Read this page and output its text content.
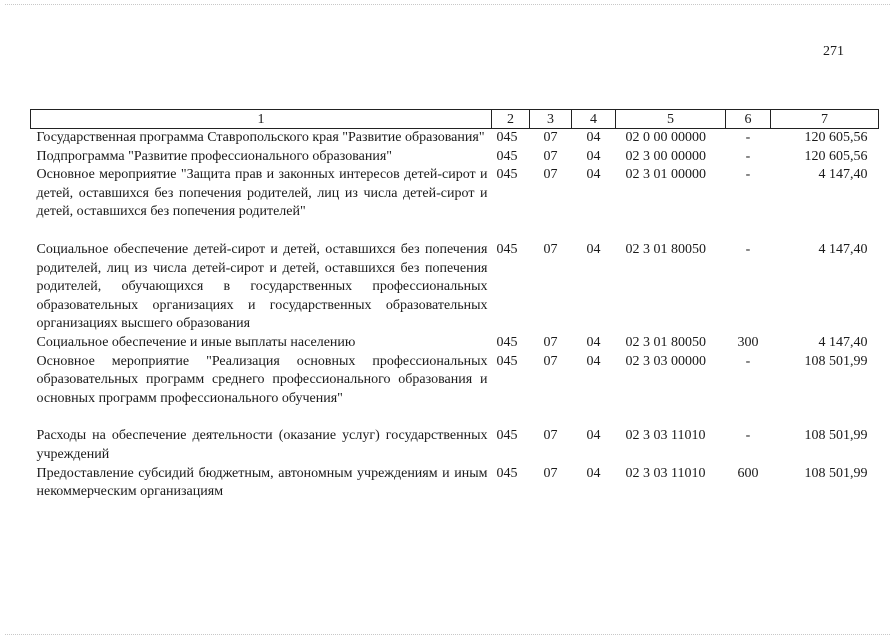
271
1	2	3	4	5	6	7
Государственная программа Ставропольского края "Развитие образования"	045	07	04	02 0 00 00000	-	120 605,56
Подпрограмма "Развитие профессионального образования"	045	07	04	02 3 00 00000	-	120 605,56
Основное мероприятие "Защита прав и законных интересов детей-сирот и детей, оставшихся без попечения родителей, лиц из числа детей-сирот и детей, оставшихся без попечения родителей"	045	07	04	02 3 01 00000	-	4 147,40

Социальное обеспечение детей-сирот и детей, оставшихся без попечения родителей, лиц из числа детей-сирот и детей, оставшихся без попечения родителей, обучающихся в государственных профессиональных образовательных организациях и государственных образовательных организациях высшего образования	045	07	04	02 3 01 80050	-	4 147,40
Социальное обеспечение и иные выплаты населению	045	07	04	02 3 01 80050	300	4 147,40
Основное мероприятие "Реализация основных профессиональных образовательных программ среднего профессионального образования и основных программ профессионального обучения"	045	07	04	02 3 03 00000	-	108 501,99

Расходы на обеспечение деятельности (оказание услуг) государственных учреждений	045	07	04	02 3 03 11010	-	108 501,99
Предоставление субсидий бюджетным, автономным учреждениям и иным некоммерческим организациям	045	07	04	02 3 03 11010	600	108 501,99
